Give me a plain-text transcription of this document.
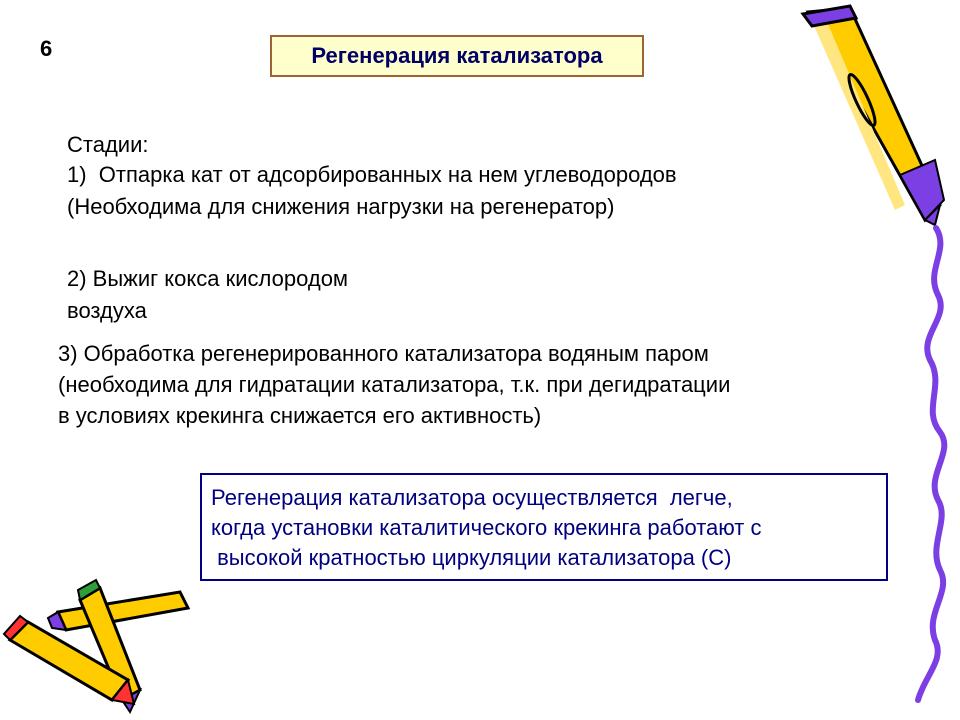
6	Регенерация катализатора
Стадии:
1)  Отпарка кат от адсорбированных на нем углеводородов
(Необходима для снижения нагрузки на регенератор)
2) Выжиг кокса кислородом
воздуха
3) Обработка регенерированного катализатора водяным паром
(необходима для гидратации катализатора, т.к. при дегидратации
в условиях крекинга снижается его активность)
Регенерация катализатора осуществляется  легче,
когда установки каталитического крекинга работают с
высокой кратностью циркуляции катализатора (С)
